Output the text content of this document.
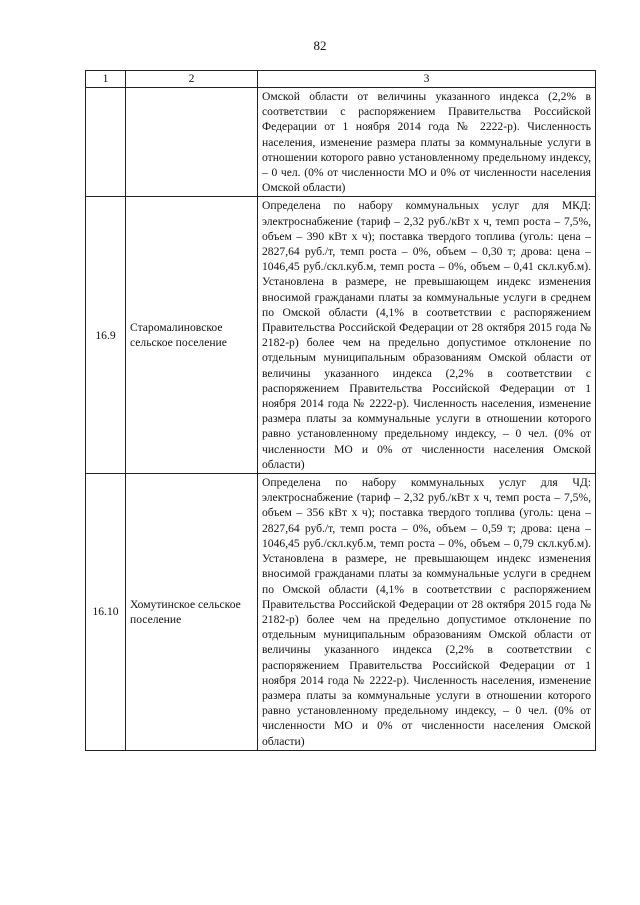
82
1	2	3

		Омской области от величины указанного индекса (2,2% в соответствии с распоряжением Правительства Российской Федерации от 1 ноября 2014 года № 2222-р). Численность населения, изменение размера платы за коммунальные услуги в отношении которого равно установленному предельному индексу, – 0 чел. (0% от численности МО и 0% от численности населения Омской области)

16.9	Старомалиновское сельское поселение	Определена по набору коммунальных услуг для МКД: электроснабжение (тариф – 2,32 руб./кВт х ч, темп роста – 7,5%, объем – 390 кВт х ч); поставка твердого топлива (уголь: цена – 2827,64 руб./т, темп роста – 0%, объем – 0,30 т; дрова: цена – 1046,45 руб./скл.куб.м, темп роста – 0%, объем – 0,41 скл.куб.м). Установлена в размере, не превышающем индекс изменения вносимой гражданами платы за коммунальные услуги в среднем по Омской области (4,1% в соответствии с распоряжением Правительства Российской Федерации от 28 октября 2015 года № 2182-р) более чем на предельно допустимое отклонение по отдельным муниципальным образованиям Омской области от величины указанного индекса (2,2% в соответствии с распоряжением Правительства Российской Федерации от 1 ноября 2014 года № 2222-р). Численность населения, изменение размера платы за коммунальные услуги в отношении которого равно установленному предельному индексу, – 0 чел. (0% от численности МО и 0% от численности населения Омской области)

16.10	Хомутинское сельское поселение	Определена по набору коммунальных услуг для ЧД: электроснабжение (тариф – 2,32 руб./кВт х ч, темп роста – 7,5%, объем – 356 кВт х ч); поставка твердого топлива (уголь: цена – 2827,64 руб./т, темп роста – 0%, объем – 0,59 т; дрова: цена – 1046,45 руб./скл.куб.м, темп роста – 0%, объем – 0,79 скл.куб.м). Установлена в размере, не превышающем индекс изменения вносимой гражданами платы за коммунальные услуги в среднем по Омской области (4,1% в соответствии с распоряжением Правительства Российской Федерации от 28 октября 2015 года № 2182-р) более чем на предельно допустимое отклонение по отдельным муниципальным образованиям Омской области от величины указанного индекса (2,2% в соответствии с распоряжением Правительства Российской Федерации от 1 ноября 2014 года № 2222-р). Численность населения, изменение размера платы за коммунальные услуги в отношении которого равно установленному предельному индексу, – 0 чел. (0% от численности МО и 0% от численности населения Омской области)
